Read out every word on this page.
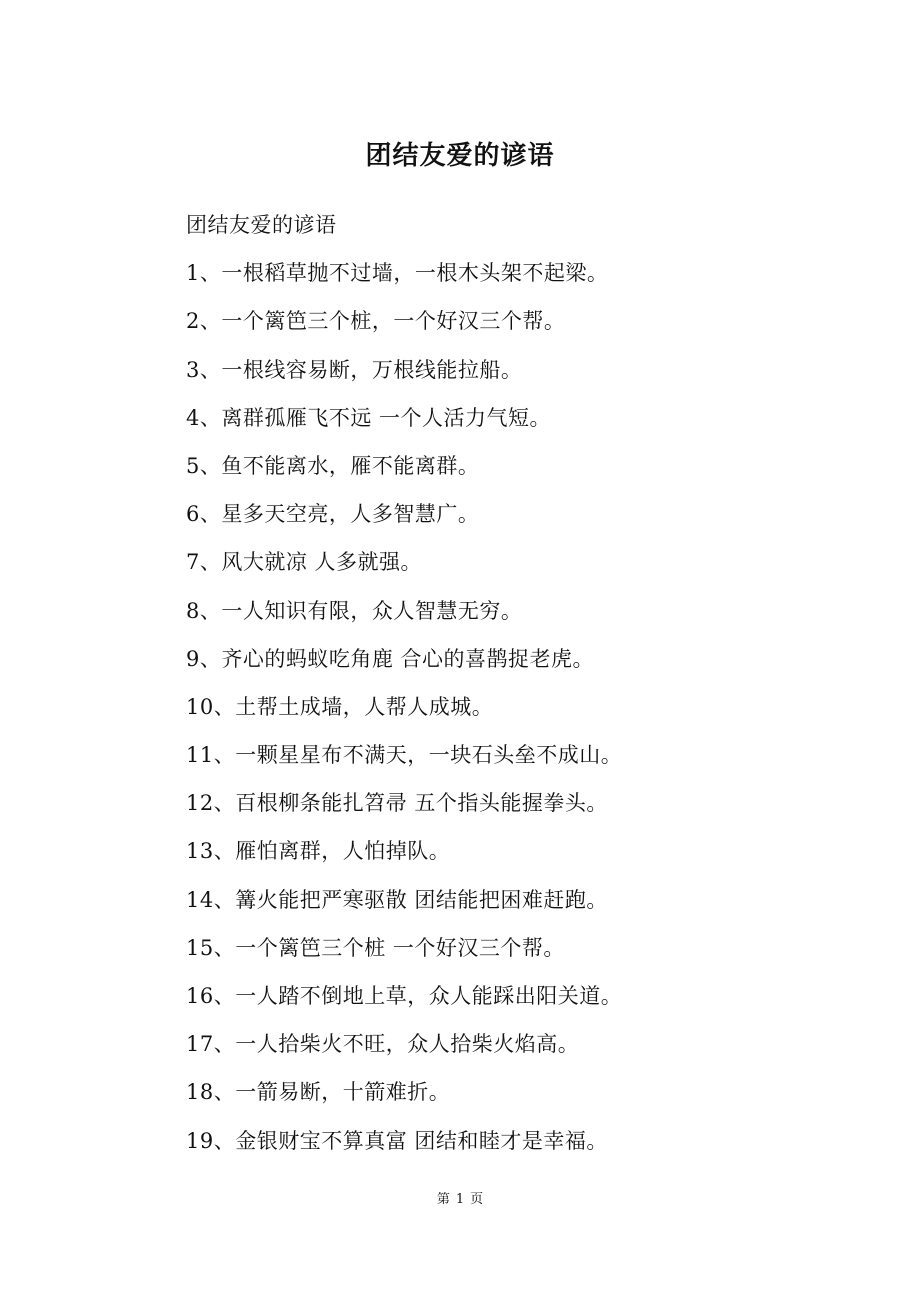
团结友爱的谚语
团结友爱的谚语
1、一根稻草抛不过墙，一根木头架不起梁。
2、一个篱笆三个桩，一个好汉三个帮。
3、一根线容易断，万根线能拉船。
4、离群孤雁飞不远 一个人活力气短。
5、鱼不能离水，雁不能离群。
6、星多天空亮，人多智慧广。
7、风大就凉 人多就强。
8、一人知识有限，众人智慧无穷。
9、齐心的蚂蚁吃角鹿 合心的喜鹊捉老虎。
10、土帮土成墙，人帮人成城。
11、一颗星星布不满天，一块石头垒不成山。
12、百根柳条能扎笤帚 五个指头能握拳头。
13、雁怕离群，人怕掉队。
14、篝火能把严寒驱散 团结能把困难赶跑。
15、一个篱笆三个桩 一个好汉三个帮。
16、一人踏不倒地上草，众人能踩出阳关道。
17、一人拾柴火不旺，众人拾柴火焰高。
18、一箭易断，十箭难折。
19、金银财宝不算真富 团结和睦才是幸福。
第 1 页
